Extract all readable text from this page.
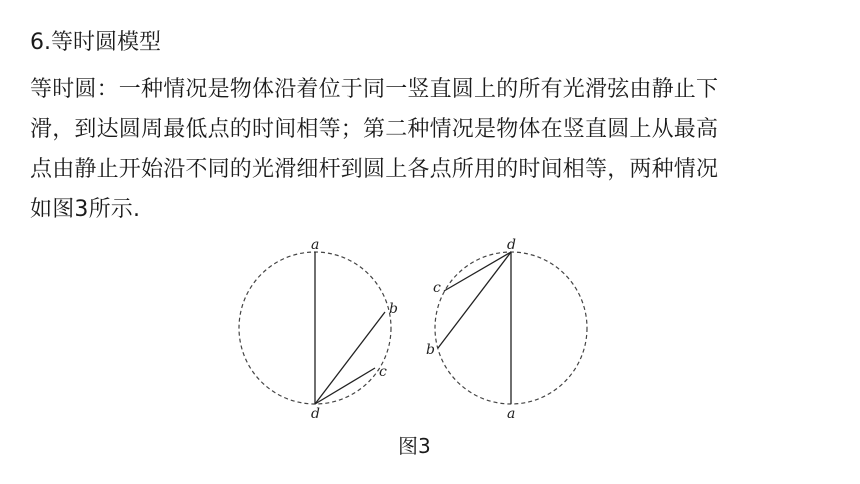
6.等时圆模型
等时圆：一种情况是物体沿着位于同一竖直圆上的所有光滑弦由静止下
滑，到达圆周最低点的时间相等；第二种情况是物体在竖直圆上从最高
点由静止开始沿不同的光滑细杆到圆上各点所用的时间相等，两种情况
如图3所示.
a
b
c
d
d
c
b
a
图3
